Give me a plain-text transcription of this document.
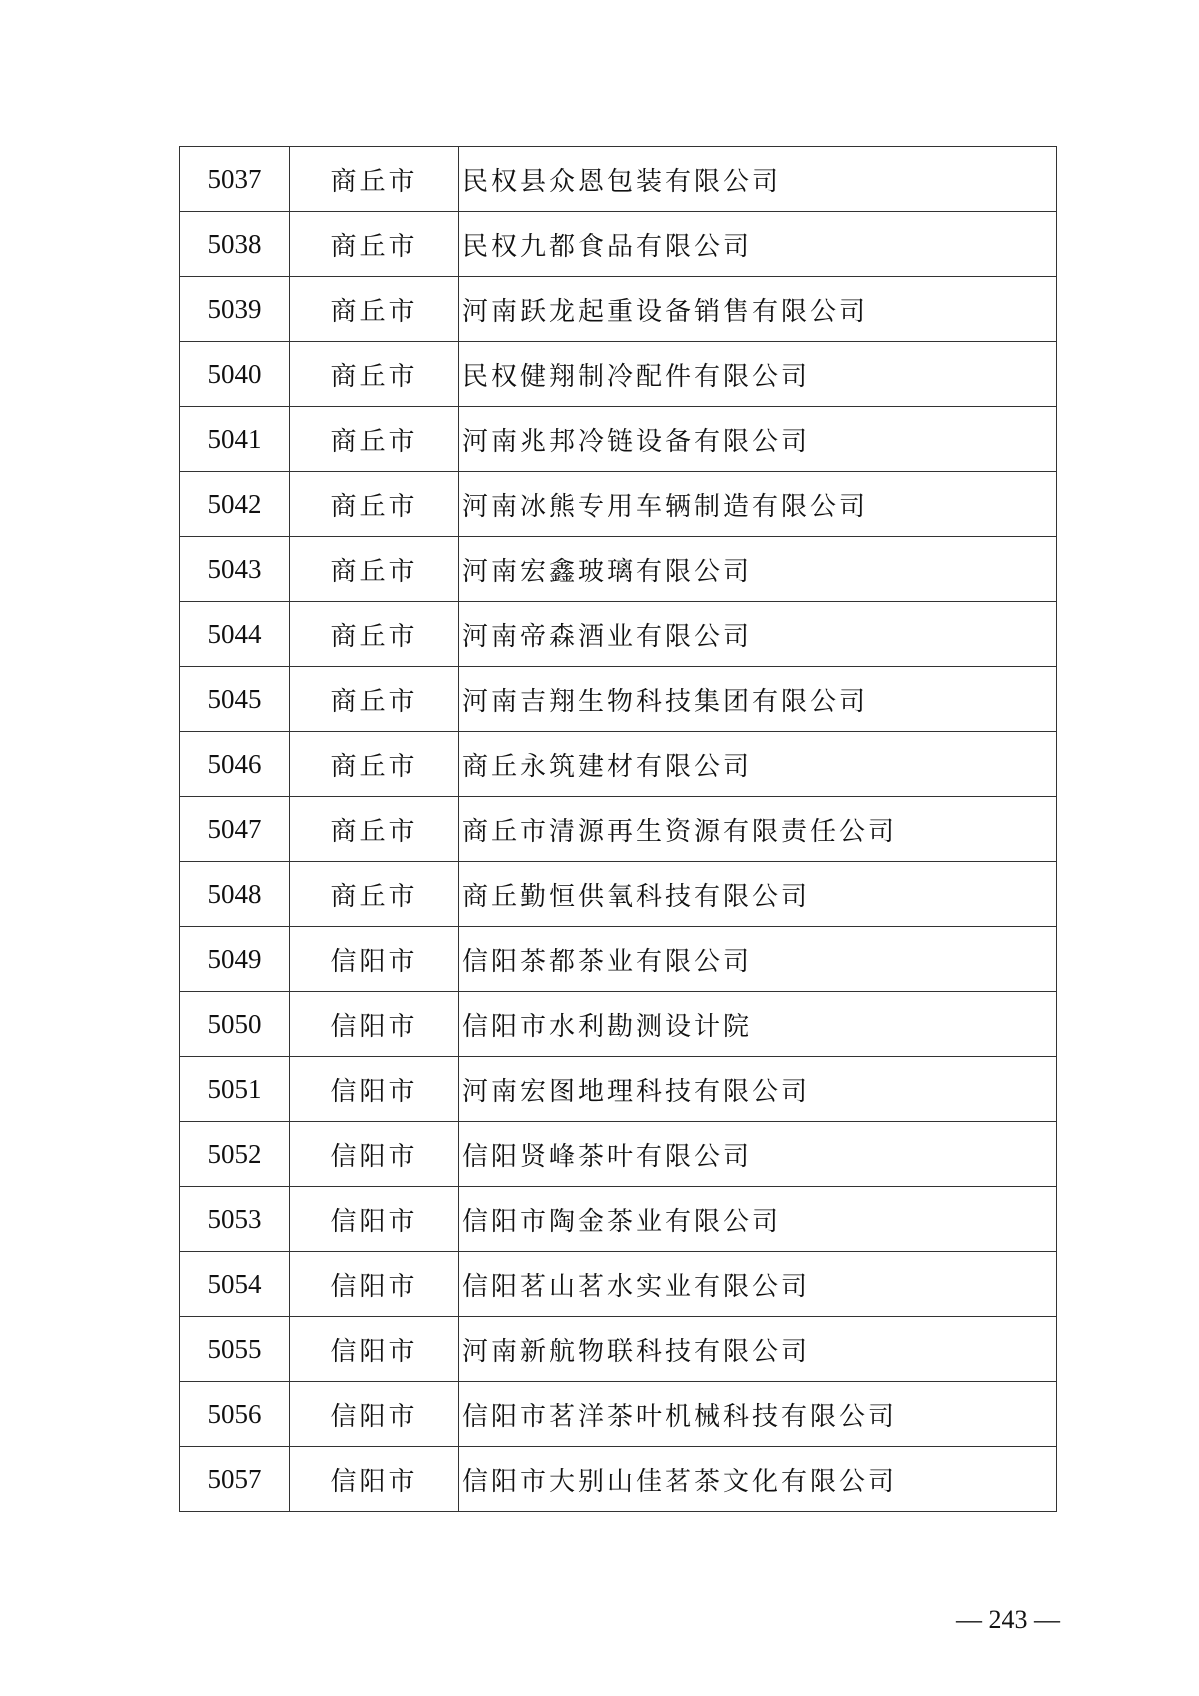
5037	商丘市	民权县众恩包装有限公司
5038	商丘市	民权九都食品有限公司
5039	商丘市	河南跃龙起重设备销售有限公司
5040	商丘市	民权健翔制冷配件有限公司
5041	商丘市	河南兆邦冷链设备有限公司
5042	商丘市	河南冰熊专用车辆制造有限公司
5043	商丘市	河南宏鑫玻璃有限公司
5044	商丘市	河南帝森酒业有限公司
5045	商丘市	河南吉翔生物科技集团有限公司
5046	商丘市	商丘永筑建材有限公司
5047	商丘市	商丘市清源再生资源有限责任公司
5048	商丘市	商丘勤恒供氧科技有限公司
5049	信阳市	信阳茶都茶业有限公司
5050	信阳市	信阳市水利勘测设计院
5051	信阳市	河南宏图地理科技有限公司
5052	信阳市	信阳贤峰茶叶有限公司
5053	信阳市	信阳市陶金茶业有限公司
5054	信阳市	信阳茗山茗水实业有限公司
5055	信阳市	河南新航物联科技有限公司
5056	信阳市	信阳市茗洋茶叶机械科技有限公司
5057	信阳市	信阳市大别山佳茗茶文化有限公司
— 243 —
